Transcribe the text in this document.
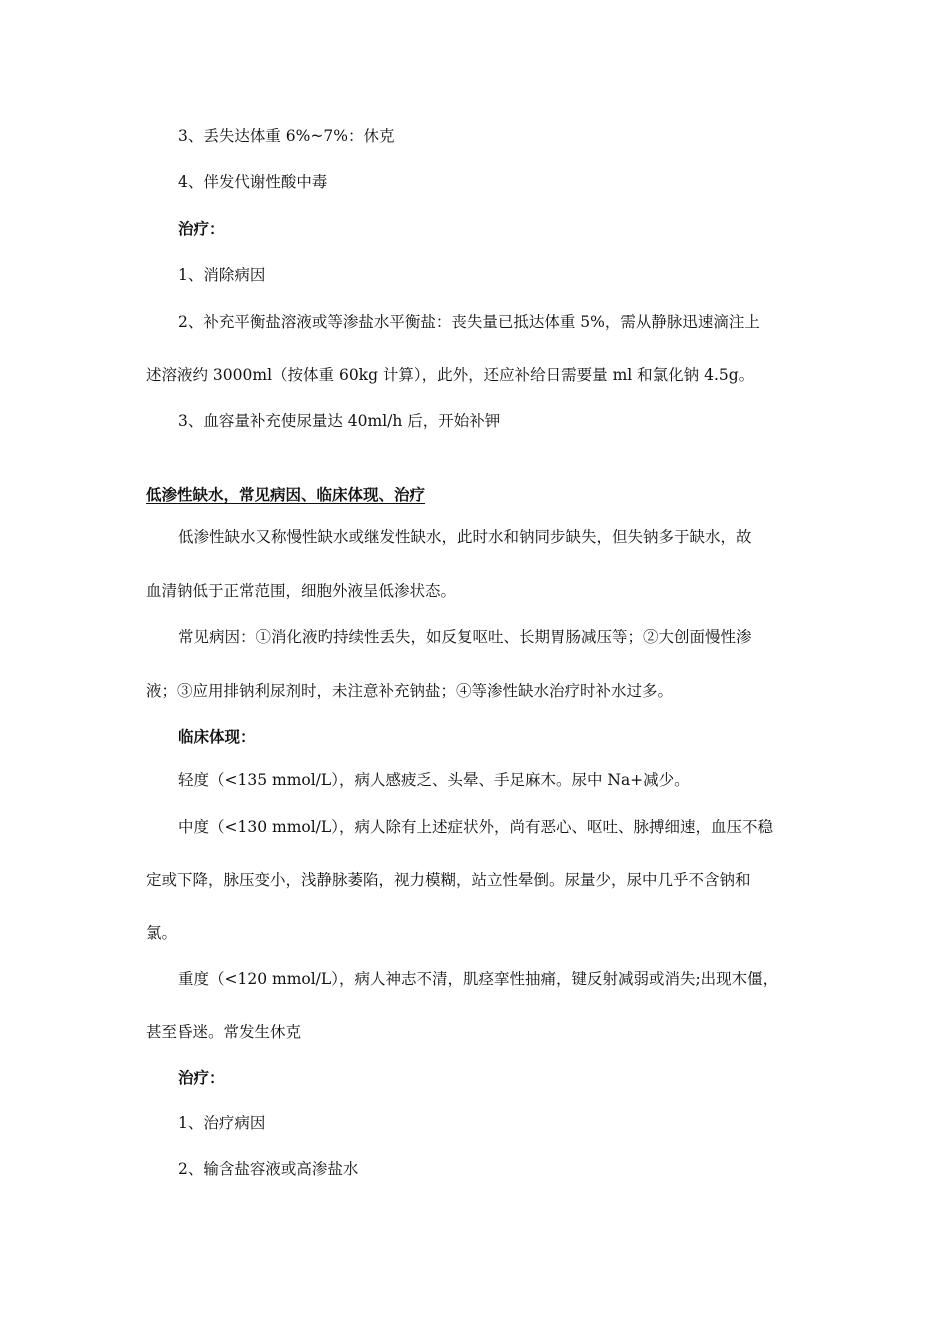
3、丢失达体重 6%~7%：休克
4、伴发代谢性酸中毒
治疗：
1、消除病因
2、补充平衡盐溶液或等渗盐水平衡盐：丧失量已抵达体重 5%，需从静脉迅速滴注上
述溶液约 3000ml（按体重 60kg 计算），此外，还应补给日需要量 ml 和氯化钠 4.5g。
3、血容量补充使尿量达 40ml/h 后，开始补钾
低渗性缺水，常见病因、临床体现、治疗
低渗性缺水又称慢性缺水或继发性缺水，此时水和钠同步缺失，但失钠多于缺水，故
血清钠低于正常范围，细胞外液呈低渗状态。
常见病因：①消化液旳持续性丢失，如反复呕吐、长期胃肠减压等；②大创面慢性渗
液；③应用排钠利尿剂时，未注意补充钠盐；④等渗性缺水治疗时补水过多。
临床体现：
轻度（<135 mmol/L），病人感疲乏、头晕、手足麻木。尿中 Na+减少。
中度（<130 mmol/L），病人除有上述症状外，尚有恶心、呕吐、脉搏细速，血压不稳
定或下降，脉压变小，浅静脉萎陷，视力模糊，站立性晕倒。尿量少，尿中几乎不含钠和
氯。
重度（<120 mmol/L），病人神志不清，肌痉挛性抽痛，键反射减弱或消失;出现木僵，
甚至昏迷。常发生休克
治疗：
1、治疗病因
2、输含盐容液或高渗盐水
